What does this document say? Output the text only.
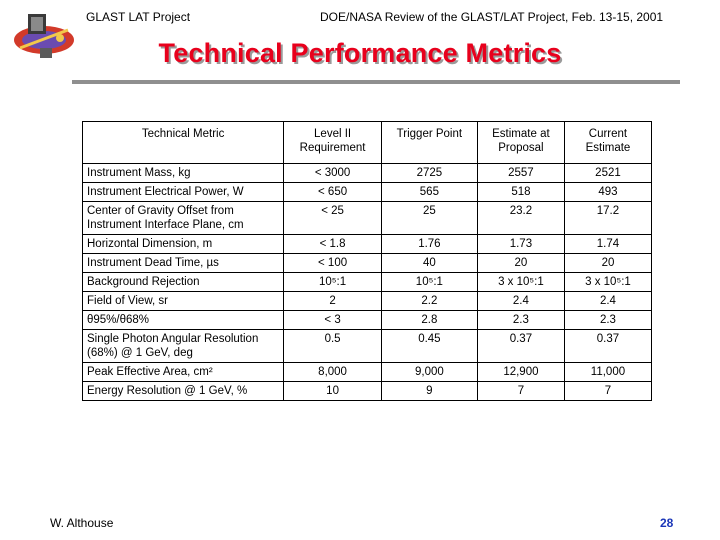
GLAST LAT Project	DOE/NASA Review of the GLAST/LAT Project, Feb. 13-15, 2001
Technical Performance Metrics
Technical Metric	Level II Requirement	Trigger Point	Estimate at Proposal	Current Estimate
Instrument Mass, kg	< 3000	2725	2557	2521
Instrument Electrical Power, W	< 650	565	518	493
Center of Gravity Offset from Instrument Interface Plane, cm	< 25	25	23.2	17.2
Horizontal Dimension, m	< 1.8	1.76	1.73	1.74
Instrument Dead Time, µs	< 100	40	20	20
Background Rejection	10⁵:1	10⁵:1	3 x 10⁵:1	3 x 10⁵:1
Field of View, sr	2	2.2	2.4	2.4
θ95%/θ68%	< 3	2.8	2.3	2.3
Single Photon Angular Resolution (68%) @ 1 GeV, deg	0.5	0.45	0.37	0.37
Peak Effective Area, cm²	8,000	9,000	12,900	11,000
Energy Resolution @ 1 GeV, %	10	9	7	7
W. Althouse	28
